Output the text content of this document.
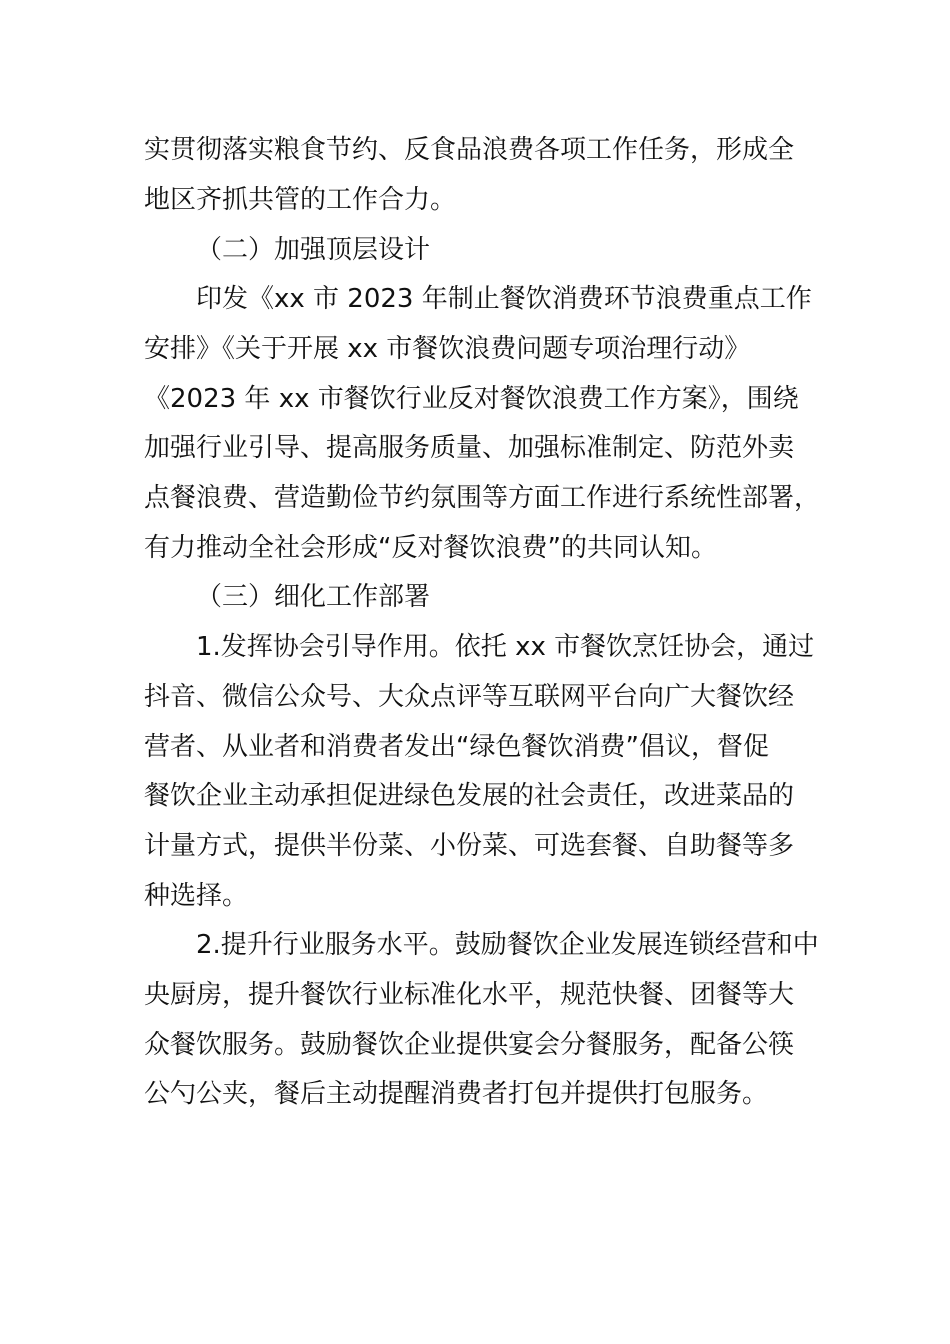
实贯彻落实粮食节约、反食品浪费各项工作任务，形成全
地区齐抓共管的工作合力。
（二）加强顶层设计
印发《xx 市 2023 年制止餐饮消费环节浪费重点工作
安排》《关于开展 xx 市餐饮浪费问题专项治理行动》
《2023 年 xx 市餐饮行业反对餐饮浪费工作方案》，围绕
加强行业引导、提高服务质量、加强标准制定、防范外卖
点餐浪费、营造勤俭节约氛围等方面工作进行系统性部署，
有力推动全社会形成“反对餐饮浪费”的共同认知。
（三）细化工作部署
1.发挥协会引导作用。依托 xx 市餐饮烹饪协会，通过
抖音、微信公众号、大众点评等互联网平台向广大餐饮经
营者、从业者和消费者发出“绿色餐饮消费”倡议，督促
餐饮企业主动承担促进绿色发展的社会责任，改进菜品的
计量方式，提供半份菜、小份菜、可选套餐、自助餐等多
种选择。
2.提升行业服务水平。鼓励餐饮企业发展连锁经营和中
央厨房，提升餐饮行业标准化水平，规范快餐、团餐等大
众餐饮服务。鼓励餐饮企业提供宴会分餐服务，配备公筷
公勺公夹，餐后主动提醒消费者打包并提供打包服务。
